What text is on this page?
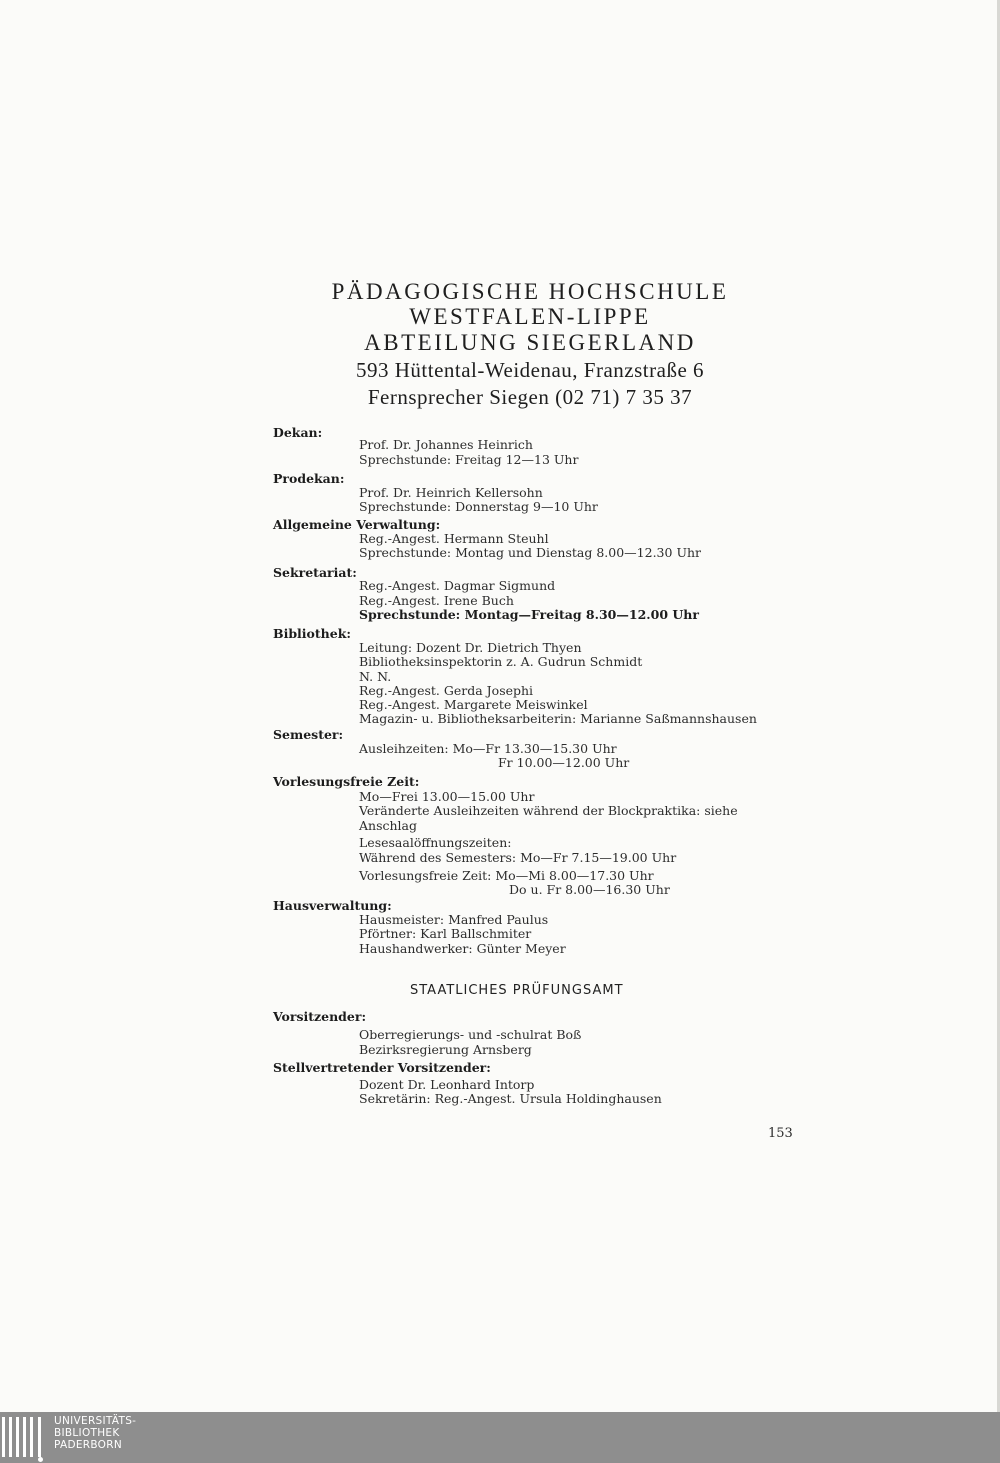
PÄDAGOGISCHE HOCHSCHULE
WESTFALEN-LIPPE
ABTEILUNG SIEGERLAND
593 Hüttental-Weidenau, Franzstraße 6
Fernsprecher Siegen (02 71) 7 35 37
Dekan:
Prof. Dr. Johannes Heinrich
Sprechstunde: Freitag 12—13 Uhr
Prodekan:
Prof. Dr. Heinrich Kellersohn
Sprechstunde: Donnerstag 9—10 Uhr
Allgemeine Verwaltung:
Reg.-Angest. Hermann Steuhl
Sprechstunde: Montag und Dienstag 8.00—12.30 Uhr
Sekretariat:
Reg.-Angest. Dagmar Sigmund
Reg.-Angest. Irene Buch
Sprechstunde: Montag—Freitag 8.30—12.00 Uhr
Bibliothek:
Leitung: Dozent Dr. Dietrich Thyen
Bibliotheksinspektorin z. A. Gudrun Schmidt
N. N.
Reg.-Angest. Gerda Josephi
Reg.-Angest. Margarete Meiswinkel
Magazin- u. Bibliotheksarbeiterin: Marianne Saßmannshausen
Semester:
Ausleihzeiten: Mo—Fr 13.30—15.30 Uhr
Fr 10.00—12.00 Uhr
Vorlesungsfreie Zeit:
Mo—Frei 13.00—15.00 Uhr
Veränderte Ausleihzeiten während der Blockpraktika: siehe
Anschlag
Lesesaalöffnungszeiten:
Während des Semesters: Mo—Fr 7.15—19.00 Uhr
Vorlesungsfreie Zeit: Mo—Mi 8.00—17.30 Uhr
Do u. Fr 8.00—16.30 Uhr
Hausverwaltung:
Hausmeister: Manfred Paulus
Pförtner: Karl Ballschmiter
Haushandwerker: Günter Meyer
STAATLICHES PRÜFUNGSAMT
Vorsitzender:
Oberregierungs- und -schulrat Boß
Bezirksregierung Arnsberg
Stellvertretender Vorsitzender:
Dozent Dr. Leonhard Intorp
Sekretärin: Reg.-Angest. Ursula Holdinghausen
153
UNIVERSITÄTS-
BIBLIOTHEK
PADERBORN
